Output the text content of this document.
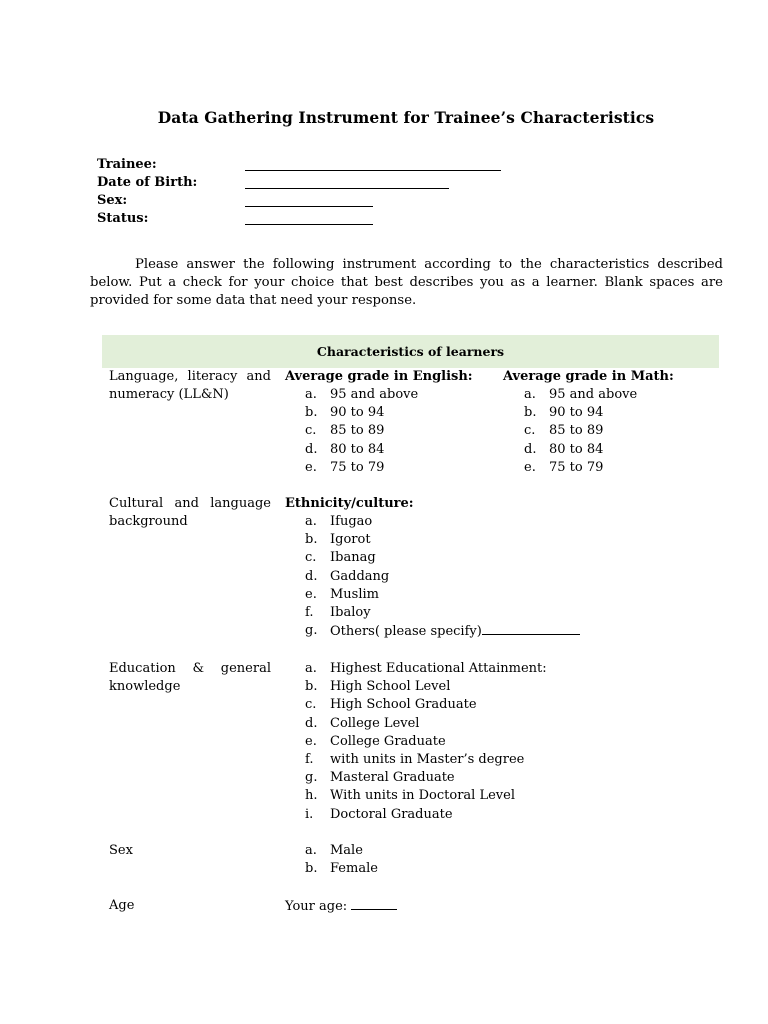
Data Gathering Instrument for Trainee’s Characteristics
Trainee:
Date of Birth:
Sex:
Status:
Please answer the following instrument according to the characteristics described below. Put a check for your choice that best describes you as a learner. Blank spaces are provided for some data that need your response.
Characteristics of learners
Language, literacy and numeracy (LL&N)
Average grade in English:
a. 95 and above
b. 90 to 94
c. 85 to 89
d. 80 to 84
e. 75 to 79
Average grade in Math:
a. 95 and above
b. 90 to 94
c. 85 to 89
d. 80 to 84
e. 75 to 79
Cultural and language background
Ethnicity/culture:
a. Ifugao
b. Igorot
c. Ibanag
d. Gaddang
e. Muslim
f. Ibaloy
g. Others( please specify)
Education & general knowledge
a. Highest Educational Attainment:
b. High School Level
c. High School Graduate
d. College Level
e. College Graduate
f. with units in Master’s degree
g. Masteral Graduate
h. With units in Doctoral Level
i. Doctoral Graduate
Sex	a. Male
b. Female
Age	Your age:
